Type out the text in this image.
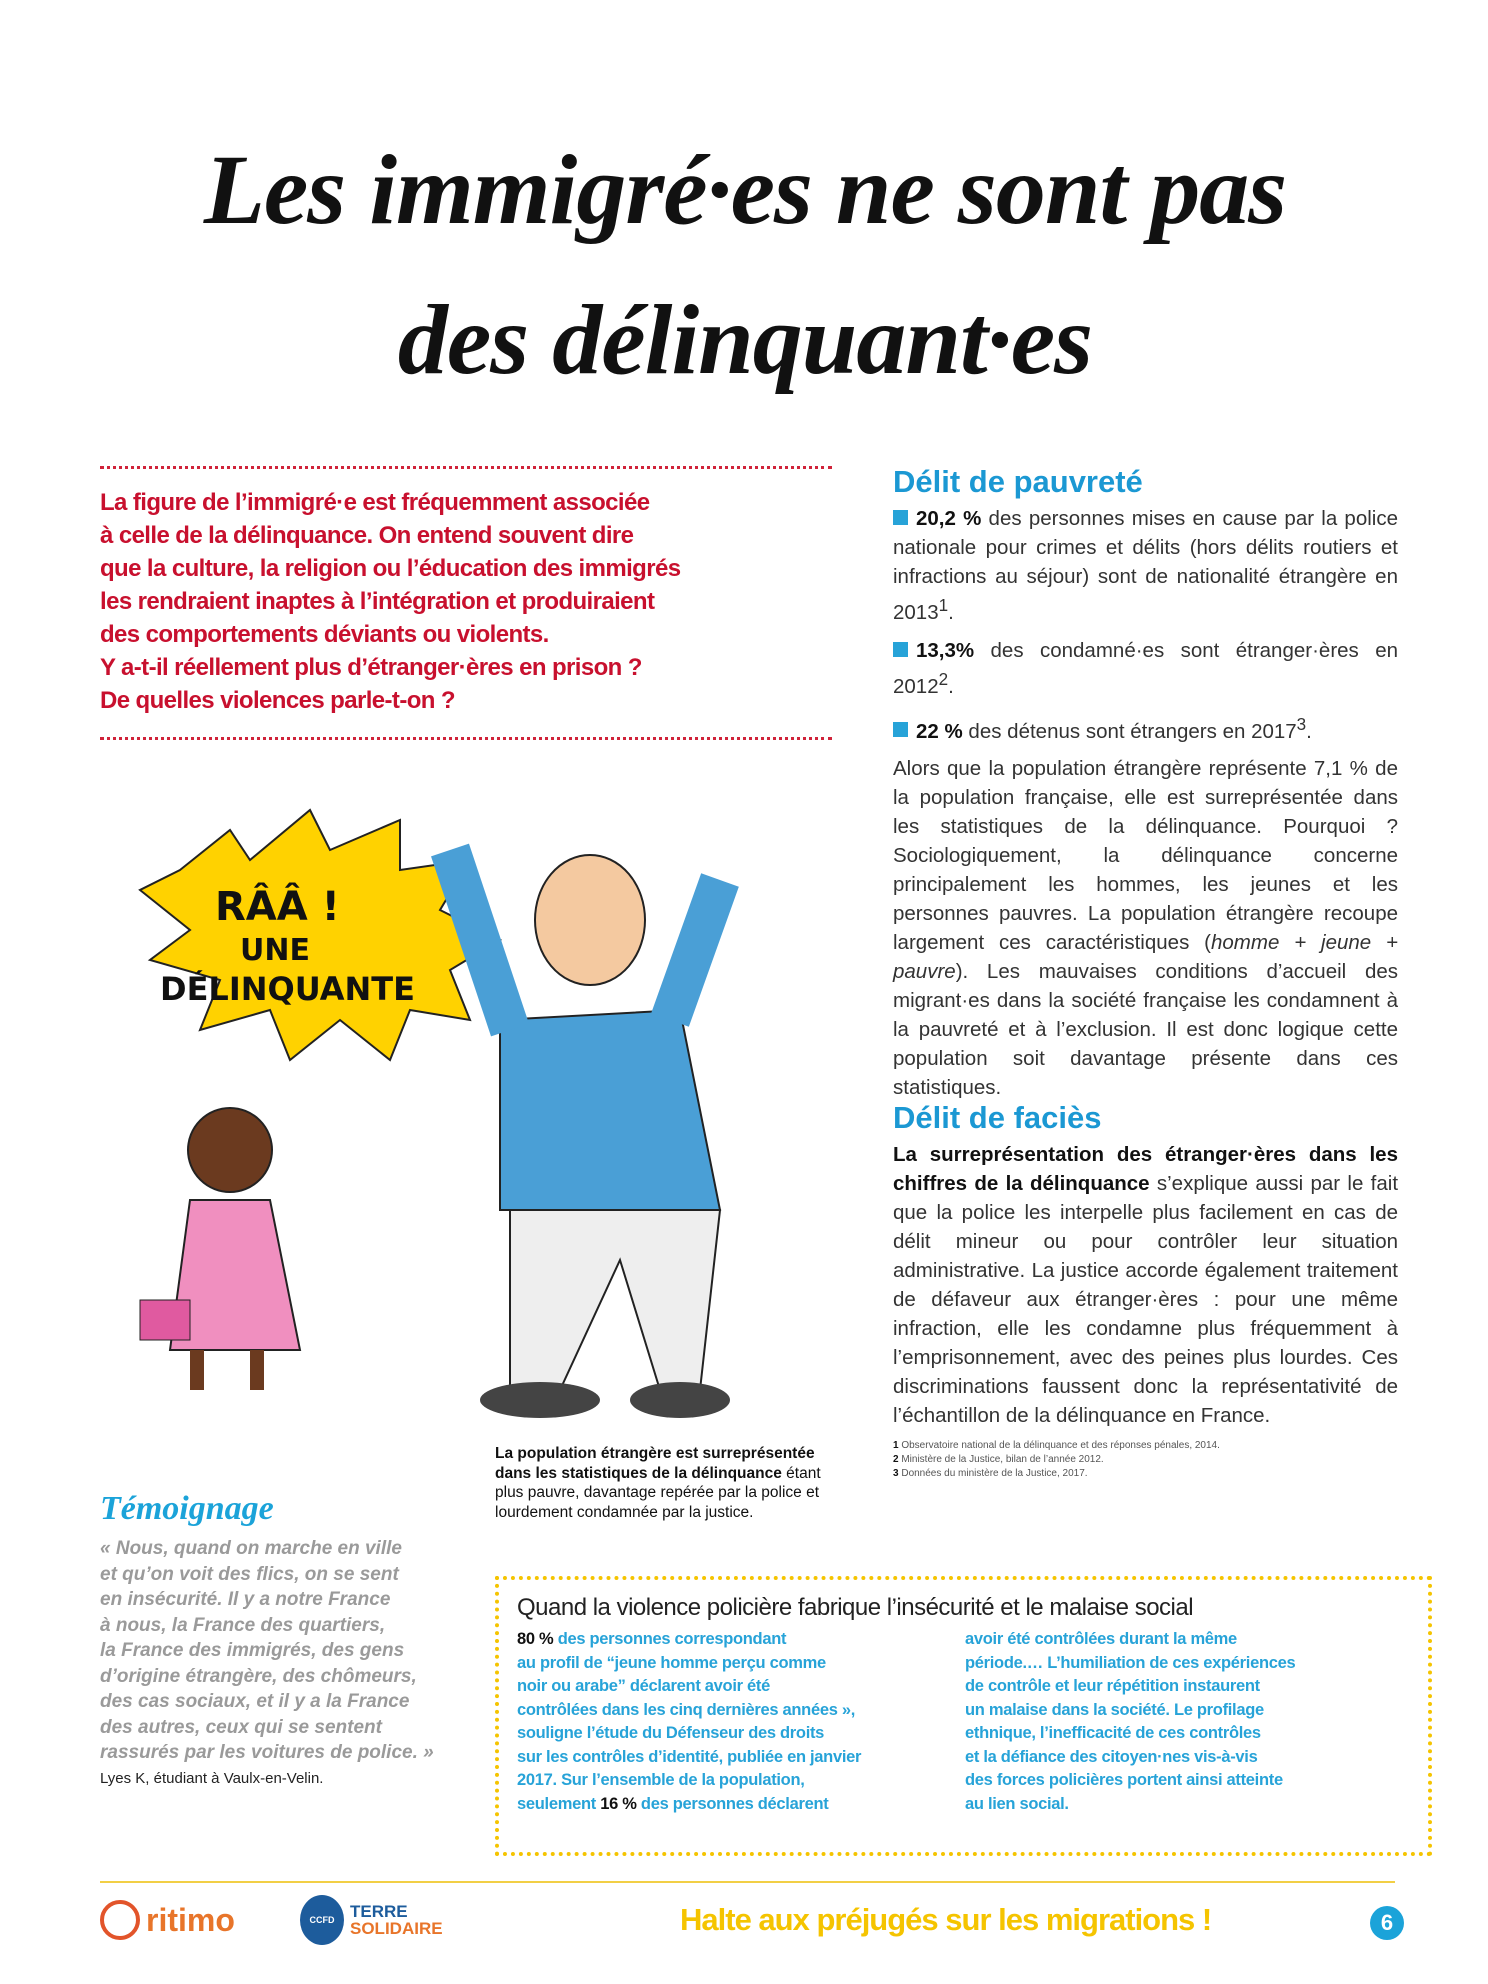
Les immigré·es ne sont pas
des délinquant·es

La figure de l’immigré·e est fréquemment associée
à celle de la délinquance. On entend souvent dire
que la culture, la religion ou l’éducation des immigrés
les rendraient inaptes à l’intégration et produiraient
des comportements déviants ou violents.
Y a-t-il réellement plus d’étranger·ères en prison ?
De quelles violences parle-t-on ?

Délit de pauvreté

20,2 % des personnes mises en cause par la police nationale pour crimes et délits (hors délits routiers et infractions au séjour) sont de nationalité étrangère en 2013$^1$.

13,3% des condamné·es sont étranger·ères en 2012$^2$.

22 % des détenus sont étrangers en 2017$^3$.

Alors que la population étrangère représente 7,1 % de la population française, elle est surreprésentée dans les statistiques de la délinquance. Pourquoi ? Sociologiquement, la délinquance concerne principalement les hommes, les jeunes et les personnes pauvres. La population étrangère recoupe largement ces caractéristiques (homme + jeune + pauvre). Les mauvaises conditions d’accueil des migrant·es dans la société française les condamnent à la pauvreté et à l’exclusion. Il est donc logique cette population soit davantage présente dans ces statistiques.

Délit de faciès

La surreprésentation des étranger·ères dans les chiffres de la délinquance s’explique aussi par le fait que la police les interpelle plus facilement en cas de délit mineur ou pour contrôler leur situation administrative. La justice accorde également traitement de défaveur aux étranger·ères : pour une même infraction, elle les condamne plus fréquemment à l’emprisonnement, avec des peines plus lourdes. Ces discriminations faussent donc la représentativité de l’échantillon de la délinquance en France.

1 Observatoire national de la délinquance et des réponses pénales, 2014.
2 Ministère de la Justice, bilan de l’année 2012.
3 Données du ministère de la Justice, 2017.
RÂÂ !
UNE
DÉLINQUANTE
La population étrangère est surreprésentée dans les statistiques de la délinquance étant plus pauvre, davantage repérée par la police et lourdement condamnée par la justice.
Témoignage
« Nous, quand on marche en ville
et qu’on voit des flics, on se sent
en insécurité. Il y a notre France
à nous, la France des quartiers,
la France des immigrés, des gens
d’origine étrangère, des chômeurs,
des cas sociaux, et il y a la France
des autres, ceux qui se sentent
rassurés par les voitures de police. »
Lyes K, étudiant à Vaulx-en-Velin.
Quand la violence policière fabrique l’insécurité et le malaise social
80 % des personnes correspondant
au profil de “jeune homme perçu comme
noir ou arabe” déclarent avoir été
contrôlées dans les cinq dernières années »,
souligne l’étude du Défenseur des droits
sur les contrôles d’identité, publiée en janvier
2017. Sur l’ensemble de la population,
seulement 16 % des personnes déclarent
avoir été contrôlées durant la même
période.… L’humiliation de ces expériences
de contrôle et leur répétition instaurent
un malaise dans la société. Le profilage
ethnique, l’inefficacité de ces contrôles
et la défiance des citoyen·nes vis-à-vis
des forces policières portent ainsi atteinte
au lien social.
ritimo	CCFD TERRE
SOLIDAIRE	Halte aux préjugés sur les migrations !	6
